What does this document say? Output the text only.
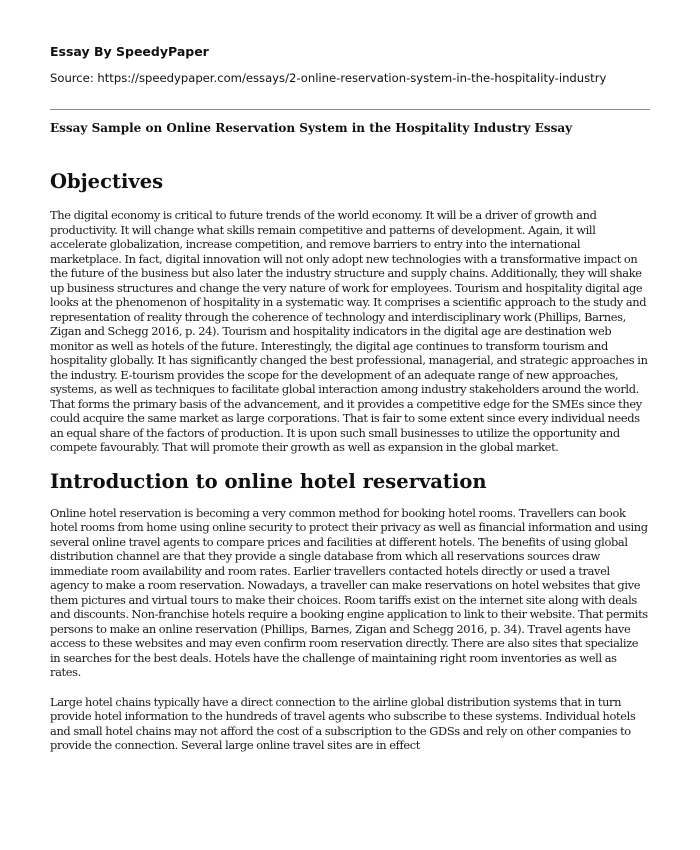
Essay By SpeedyPaper
Source: https://speedypaper.com/essays/2-online-reservation-system-in-the-hospitality-industry
Essay Sample on Online Reservation System in the Hospitality Industry Essay
Objectives

The digital economy is critical to future trends of the world economy. It will be a driver of growth and productivity. It will change what skills remain competitive and patterns of development. Again, it will accelerate globalization, increase competition, and remove barriers to entry into the international marketplace. In fact, digital innovation will not only adopt new technologies with a transformative impact on the future of the business but also later the industry structure and supply chains. Additionally, they will shake up business structures and change the very nature of work for employees. Tourism and hospitality digital age looks at the phenomenon of hospitality in a systematic way. It comprises a scientific approach to the study and representation of reality through the coherence of technology and interdisciplinary work (Phillips, Barnes, Zigan and Schegg 2016, p. 24). Tourism and hospitality indicators in the digital age are destination web monitor as well as hotels of the future. Interestingly, the digital age continues to transform tourism and hospitality globally. It has significantly changed the best professional, managerial, and strategic approaches in the industry. E-tourism provides the scope for the development of an adequate range of new approaches, systems, as well as techniques to facilitate global interaction among industry stakeholders around the world. That forms the primary basis of the advancement, and it provides a competitive edge for the SMEs since they could acquire the same market as large corporations. That is fair to some extent since every individual needs an equal share of the factors of production. It is upon such small businesses to utilize the opportunity and compete favourably. That will promote their growth as well as expansion in the global market.

Introduction to online hotel reservation

Online hotel reservation is becoming a very common method for booking hotel rooms. Travellers can book hotel rooms from home using online security to protect their privacy as well as financial information and using several online travel agents to compare prices and facilities at different hotels. The benefits of using global distribution channel are that they provide a single database from which all reservations sources draw immediate room availability and room rates. Earlier travellers contacted hotels directly or used a travel agency to make a room reservation. Nowadays, a traveller can make reservations on hotel websites that give them pictures and virtual tours to make their choices. Room tariffs exist on the internet site along with deals and discounts. Non-franchise hotels require a booking engine application to link to their website. That permits persons to make an online reservation (Phillips, Barnes, Zigan and Schegg 2016, p. 34). Travel agents have access to these websites and may even confirm room reservation directly. There are also sites that specialize in searches for the best deals. Hotels have the challenge of maintaining right room inventories as well as rates.

Large hotel chains typically have a direct connection to the airline global distribution systems that in turn provide hotel information to the hundreds of travel agents who subscribe to these systems. Individual hotels and small hotel chains may not afford the cost of a subscription to the GDSs and rely on other companies to provide the connection. Several large online travel sites are in effect
